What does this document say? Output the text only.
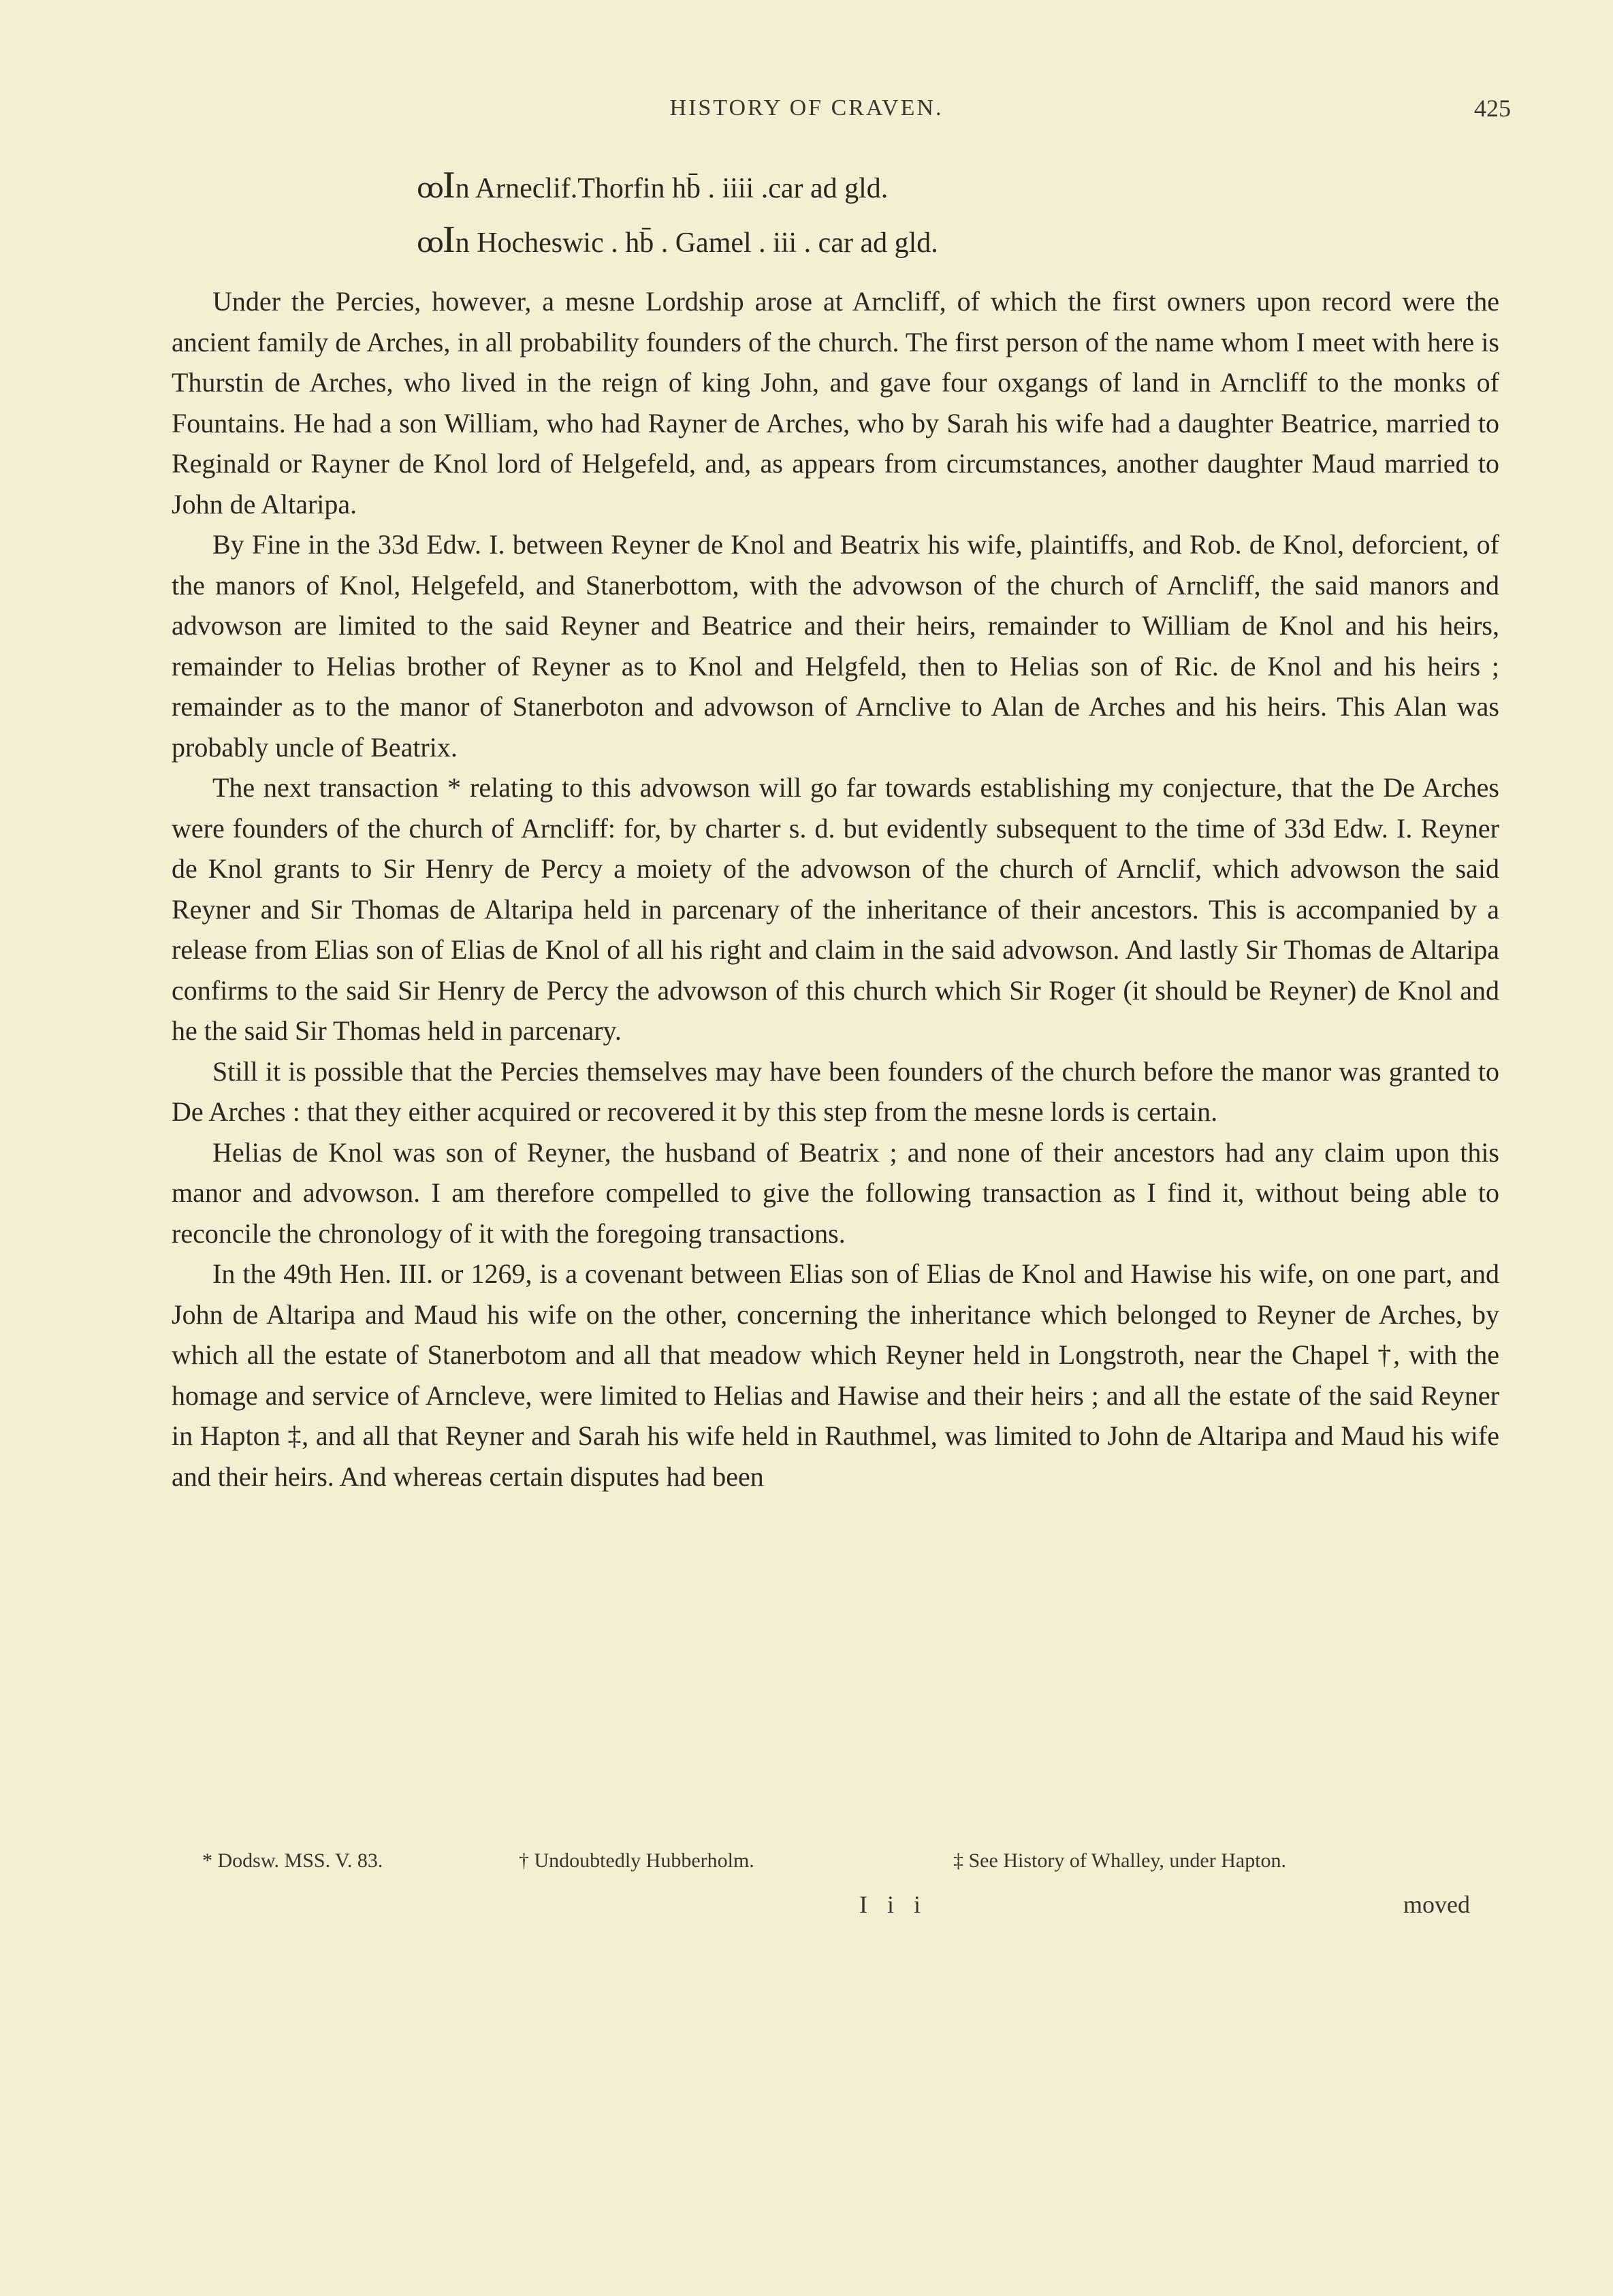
HISTORY OF CRAVEN.	425
ꝏIn Arneclif.Thorfin hb̄ . iiii .car ad gld.
ꝏIn Hocheswic . hb̄ . Gamel . iii . car ad gld.

Under the Percies, however, a mesne Lordship arose at Arncliff, of which the first owners upon record were the ancient family de Arches, in all probability founders of the church. The first person of the name whom I meet with here is Thurstin de Arches, who lived in the reign of king John, and gave four oxgangs of land in Arncliff to the monks of Fountains. He had a son William, who had Rayner de Arches, who by Sarah his wife had a daughter Beatrice, married to Reginald or Rayner de Knol lord of Helgefeld, and, as appears from circumstances, another daughter Maud married to John de Altaripa.

By Fine in the 33d Edw. I. between Reyner de Knol and Beatrix his wife, plaintiffs, and Rob. de Knol, deforcient, of the manors of Knol, Helgefeld, and Stanerbottom, with the advowson of the church of Arncliff, the said manors and advowson are limited to the said Reyner and Beatrice and their heirs, remainder to William de Knol and his heirs, remainder to Helias brother of Reyner as to Knol and Helgfeld, then to Helias son of Ric. de Knol and his heirs ; remainder as to the manor of Stanerboton and advowson of Arnclive to Alan de Arches and his heirs. This Alan was probably uncle of Beatrix.

The next transaction * relating to this advowson will go far towards establishing my conjecture, that the De Arches were founders of the church of Arncliff: for, by charter s. d. but evidently subsequent to the time of 33d Edw. I. Reyner de Knol grants to Sir Henry de Percy a moiety of the advowson of the church of Arnclif, which advowson the said Reyner and Sir Thomas de Altaripa held in parcenary of the inheritance of their ancestors. This is accompanied by a release from Elias son of Elias de Knol of all his right and claim in the said advowson. And lastly Sir Thomas de Altaripa confirms to the said Sir Henry de Percy the advowson of this church which Sir Roger (it should be Reyner) de Knol and he the said Sir Thomas held in parcenary.

Still it is possible that the Percies themselves may have been founders of the church before the manor was granted to De Arches : that they either acquired or recovered it by this step from the mesne lords is certain.

Helias de Knol was son of Reyner, the husband of Beatrix ; and none of their ancestors had any claim upon this manor and advowson. I am therefore compelled to give the following transaction as I find it, without being able to reconcile the chronology of it with the foregoing transactions.

In the 49th Hen. III. or 1269, is a covenant between Elias son of Elias de Knol and Hawise his wife, on one part, and John de Altaripa and Maud his wife on the other, concerning the inheritance which belonged to Reyner de Arches, by which all the estate of Stanerbotom and all that meadow which Reyner held in Longstroth, near the Chapel †, with the homage and service of Arncleve, were limited to Helias and Hawise and their heirs ; and all the estate of the said Reyner in Hapton ‡, and all that Reyner and Sarah his wife held in Rauthmel, was limited to John de Altaripa and Maud his wife and their heirs. And whereas certain disputes had been

* Dodsw. MSS. V. 83.	† Undoubtedly Hubberholm.	‡ See History of Whalley, under Hapton.
I i i	moved
